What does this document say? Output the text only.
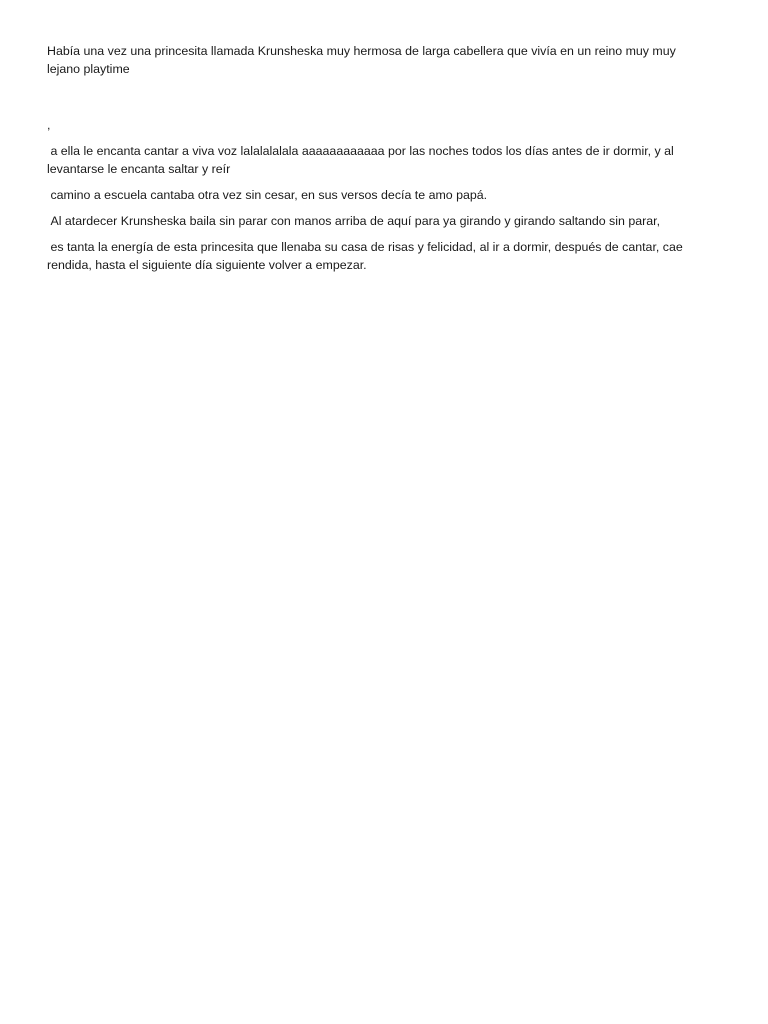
Había una vez una princesita llamada Krunsheska muy hermosa de larga cabellera que vivía en un reino muy muy lejano playtime

,

a ella le encanta cantar a viva voz lalalalalala aaaaaaaaaaaa por las noches todos los días antes de ir dormir, y al levantarse le encanta saltar y reír

camino a escuela cantaba otra vez sin cesar, en sus versos decía te amo papá.

Al atardecer Krunsheska baila sin parar con manos arriba de aquí para ya girando y girando saltando sin parar,

es tanta la energía de esta princesita que llenaba su casa de risas y felicidad, al ir a dormir, después de cantar, cae rendida, hasta el siguiente día siguiente volver a empezar.
